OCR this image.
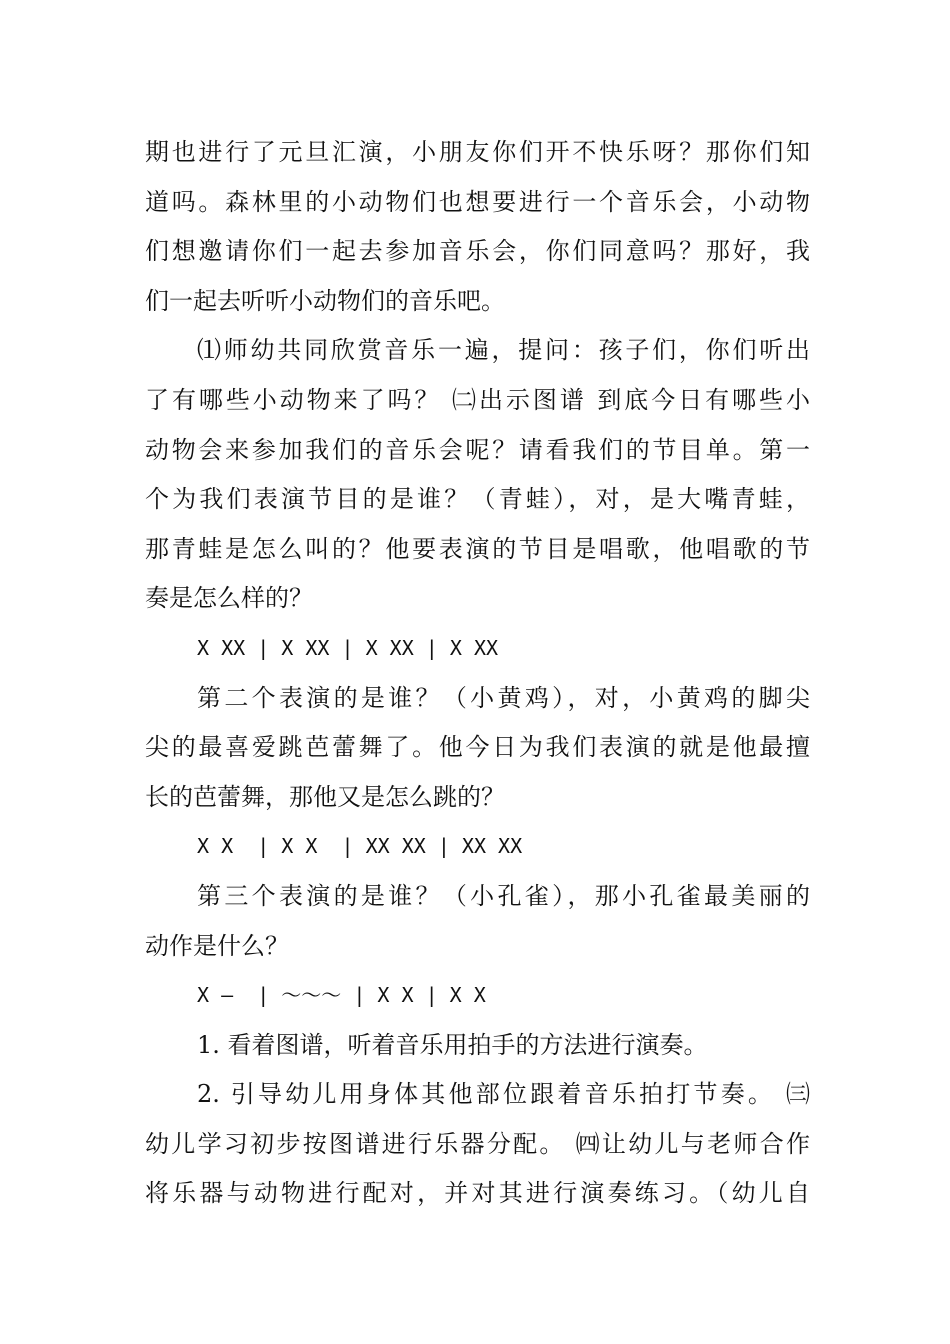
期也进行了元旦汇演，小朋友你们开不快乐呀？那你们知
道吗。森林里的小动物们也想要进行一个音乐会，小动物
们想邀请你们一起去参加音乐会，你们同意吗？那好，我
们一起去听听小动物们的音乐吧。
⑴师幼共同欣赏音乐一遍，提问：孩子们，你们听出
了有哪些小动物来了吗？ ㈡出示图谱 到底今日有哪些小
动物会来参加我们的音乐会呢？请看我们的节目单。第一
个为我们表演节目的是谁？（青蛙），对，是大嘴青蛙，
那青蛙是怎么叫的？他要表演的节目是唱歌，他唱歌的节
奏是怎么样的？
X XX | X XX | X XX | X XX
第二个表演的是谁？（小黄鸡），对，小黄鸡的脚尖
尖的最喜爱跳芭蕾舞了。他今日为我们表演的就是他最擅
长的芭蕾舞，那他又是怎么跳的？
X X  | X X  | XX XX | XX XX
第三个表演的是谁？（小孔雀），那小孔雀最美丽的
动作是什么？
X —  | ～～～ | X X | X X
1. 看着图谱，听着音乐用拍手的方法进行演奏。
2. 引导幼儿用身体其他部位跟着音乐拍打节奏。 ㈢
幼儿学习初步按图谱进行乐器分配。 ㈣让幼儿与老师合作
将乐器与动物进行配对，并对其进行演奏练习。（幼儿自
